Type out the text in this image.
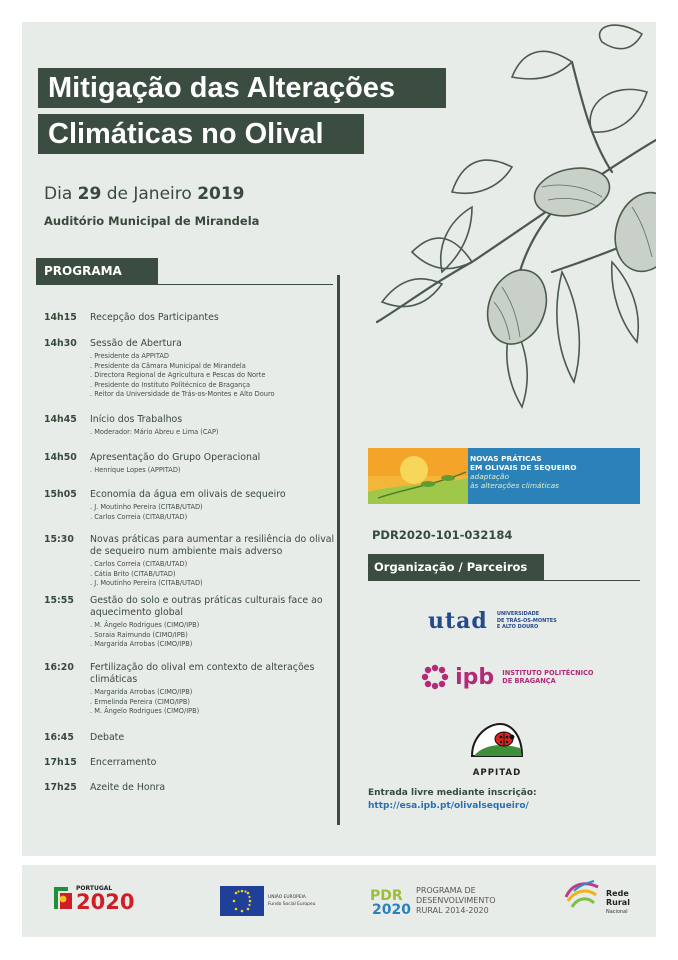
Mitigação das Alterações
Climáticas no Olival
Dia 29 de Janeiro 2019
Auditório Municipal de Mirandela
PROGRAMA
14h15 Recepção dos Participantes
14h30 Sessão de Abertura
. Presidente da APPITAD
. Presidente da Câmara Municipal de Mirandela
. Directora Regional de Agricultura e Pescas do Norte
. Presidente do Instituto Politécnico de Bragança
. Reitor da Universidade de Trás-os-Montes e Alto Douro
14h45 Início dos Trabalhos
. Moderador: Mário Abreu e Lima (CAP)
14h50 Apresentação do Grupo Operacional
. Henrique Lopes (APPITAD)
15h05 Economia da água em olivais de sequeiro
. J. Moutinho Pereira (CITAB/UTAD)
. Carlos Correia (CITAB/UTAD)
15:30 Novas práticas para aumentar a resiliência do olival de sequeiro num ambiente mais adverso
. Carlos Correia (CITAB/UTAD)
. Cátia Brito (CITAB/UTAD)
. J. Moutinho Pereira (CITAB/UTAD)
15:55 Gestão do solo e outras práticas culturais face ao aquecimento global
. M. Ângelo Rodrigues (CIMO/IPB)
. Soraia Raimundo (CIMO/IPB)
. Margarida Arrobas (CIMO/IPB)
16:20 Fertilização do olival em contexto de alterações climáticas
. Margarida Arrobas (CIMO/IPB)
. Ermelinda Pereira (CIMO/IPB)
. M. Ângelo Rodrigues (CIMO/IPB)
16:45 Debate
17h15 Encerramento
17h25 Azeite de Honra
NOVAS PRÁTICAS
EM OLIVAIS DE SEQUEIRO
adaptação
às alterações climáticas
PDR2020-101-032184
Organização / Parceiros
utad UNIVERSIDADE
DE TRÁS-OS-MONTES
E ALTO DOURO
ipb INSTITUTO POLITÉCNICO
DE BRAGANÇA
APPITAD
Entrada livre mediante inscrição:
http://esa.ipb.pt/olivalsequeiro/
PORTUGAL
2020	UNIÃO EUROPEIA
Fundo Social Europeu
PDR
2020
PROGRAMA DE
DESENVOLVIMENTO
RURAL 2014-2020
Rede
Rural
Nacional
